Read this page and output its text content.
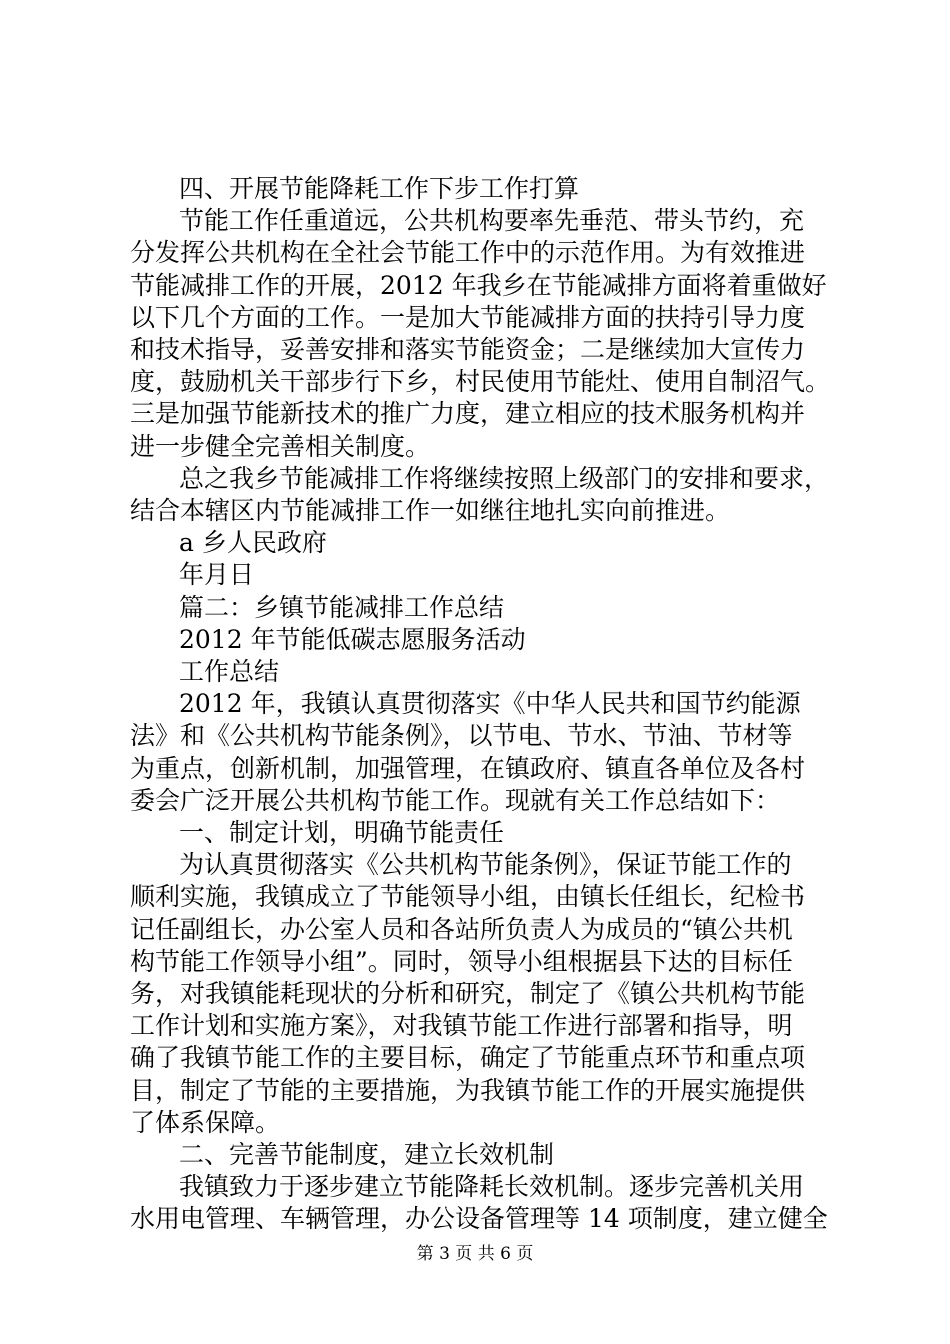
四、开展节能降耗工作下步工作打算
节能工作任重道远，公共机构要率先垂范、带头节约，充
分发挥公共机构在全社会节能工作中的示范作用。为有效推进
节能减排工作的开展，2012 年我乡在节能减排方面将着重做好
以下几个方面的工作。一是加大节能减排方面的扶持引导力度
和技术指导，妥善安排和落实节能资金；二是继续加大宣传力
度，鼓励机关干部步行下乡，村民使用节能灶、使用自制沼气。
三是加强节能新技术的推广力度，建立相应的技术服务机构并
进一步健全完善相关制度。
总之我乡节能减排工作将继续按照上级部门的安排和要求，
结合本辖区内节能减排工作一如继往地扎实向前推进。
a 乡人民政府
年月日
篇二：乡镇节能减排工作总结
2012 年节能低碳志愿服务活动
工作总结
2012 年，我镇认真贯彻落实《中华人民共和国节约能源
法》和《公共机构节能条例》，以节电、节水、节油、节材等
为重点，创新机制，加强管理，在镇政府、镇直各单位及各村
委会广泛开展公共机构节能工作。现就有关工作总结如下：
一、制定计划，明确节能责任
为认真贯彻落实《公共机构节能条例》，保证节能工作的
顺利实施，我镇成立了节能领导小组，由镇长任组长，纪检书
记任副组长，办公室人员和各站所负责人为成员的“镇公共机
构节能工作领导小组”。同时，领导小组根据县下达的目标任
务，对我镇能耗现状的分析和研究，制定了《镇公共机构节能
工作计划和实施方案》，对我镇节能工作进行部署和指导，明
确了我镇节能工作的主要目标，确定了节能重点环节和重点项
目，制定了节能的主要措施，为我镇节能工作的开展实施提供
了体系保障。
二、完善节能制度，建立长效机制
我镇致力于逐步建立节能降耗长效机制。逐步完善机关用
水用电管理、车辆管理，办公设备管理等 14 项制度，建立健全
第 3 页 共 6 页
